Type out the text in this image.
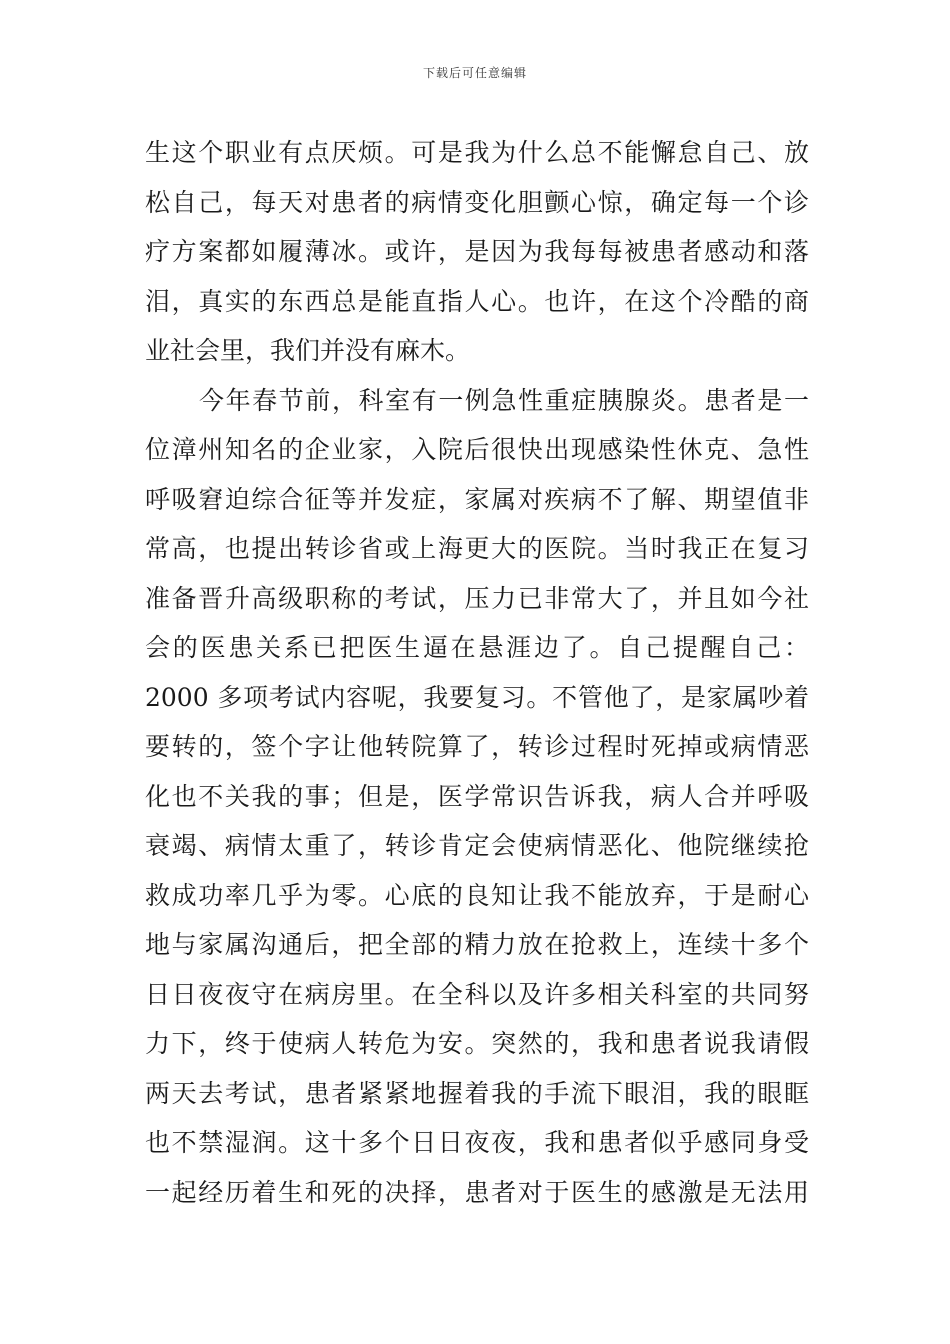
下载后可任意编辑
生这个职业有点厌烦。可是我为什么总不能懈怠自己、放
松自己，每天对患者的病情变化胆颤心惊，确定每一个诊
疗方案都如履薄冰。或许，是因为我每每被患者感动和落
泪，真实的东西总是能直指人心。也许，在这个冷酷的商
业社会里，我们并没有麻木。
今年春节前，科室有一例急性重症胰腺炎。患者是一
位漳州知名的企业家，入院后很快出现感染性休克、急性
呼吸窘迫综合征等并发症，家属对疾病不了解、期望值非
常高，也提出转诊省或上海更大的医院。当时我正在复习
准备晋升高级职称的考试，压力已非常大了，并且如今社
会的医患关系已把医生逼在悬涯边了。自己提醒自己：
2000 多项考试内容呢，我要复习。不管他了，是家属吵着
要转的，签个字让他转院算了，转诊过程时死掉或病情恶
化也不关我的事；但是，医学常识告诉我，病人合并呼吸
衰竭、病情太重了，转诊肯定会使病情恶化、他院继续抢
救成功率几乎为零。心底的良知让我不能放弃，于是耐心
地与家属沟通后，把全部的精力放在抢救上，连续十多个
日日夜夜守在病房里。在全科以及许多相关科室的共同努
力下，终于使病人转危为安。突然的，我和患者说我请假
两天去考试，患者紧紧地握着我的手流下眼泪，我的眼眶
也不禁湿润。这十多个日日夜夜，我和患者似乎感同身受
一起经历着生和死的决择，患者对于医生的感激是无法用
